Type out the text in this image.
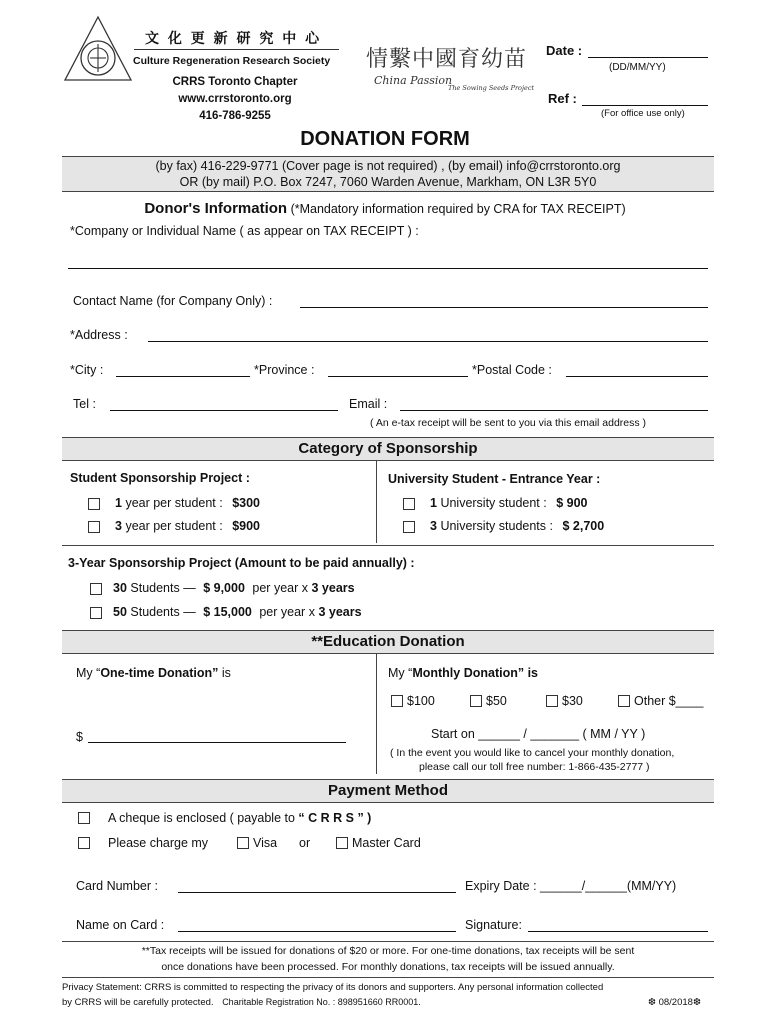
文 化 更 新 研 究 中 心
Culture Regeneration Research Society
CRRS Toronto Chapter
www.crrstoronto.org
416-786-9255
情繫中國育幼苗
China Passion
The Sowing Seeds Project
Date :
(DD/MM/YY)
Ref :
(For office use only)
DONATION FORM
(by fax) 416-229-9771 (Cover page is not required) , (by email) info@crrstoronto.org
OR (by mail) P.O. Box 7247, 7060 Warden Avenue, Markham, ON L3R 5Y0
Donor's Information (*Mandatory information required by CRA for TAX RECEIPT)
*Company or Individual Name ( as appear on TAX RECEIPT ) :
Contact Name (for Company Only) :
*Address :
*City :	*Province :	*Postal Code :
Tel :	Email :
( An e-tax receipt will be sent to you via this email address )
Category of Sponsorship
Student Sponsorship Project :
1 year per student : $300
3 year per student : $900
University Student - Entrance Year :
1 University student : $ 900
3 University students : $ 2,700
3-Year Sponsorship Project (Amount to be paid annually) :
30 Students — $ 9,000 per year x 3 years
50 Students — $ 15,000 per year x 3 years
**Education Donation
My “One-time Donation” is
$
My “Monthly Donation” is
$100	$50	$30	Other $____
Start on ______ / _______ ( MM / YY )
( In the event you would like to cancel your monthly donation,
please call our toll free number: 1-866-435-2777 )
Payment Method
A cheque is enclosed ( payable to “ C R R S ” )
Please charge my	Visa or	Master Card
Card Number :	Expiry Date : ______/______(MM/YY)
Name on Card :	Signature:
**Tax receipts will be issued for donations of $20 or more. For one-time donations, tax receipts will be sent
once donations have been processed. For monthly donations, tax receipts will be issued annually.
Privacy Statement: CRRS is committed to respecting the privacy of its donors and supporters. Any personal information collected
by CRRS will be carefully protected. Charitable Registration No. : 898951660 RR0001.	❆ 08/2018❆
